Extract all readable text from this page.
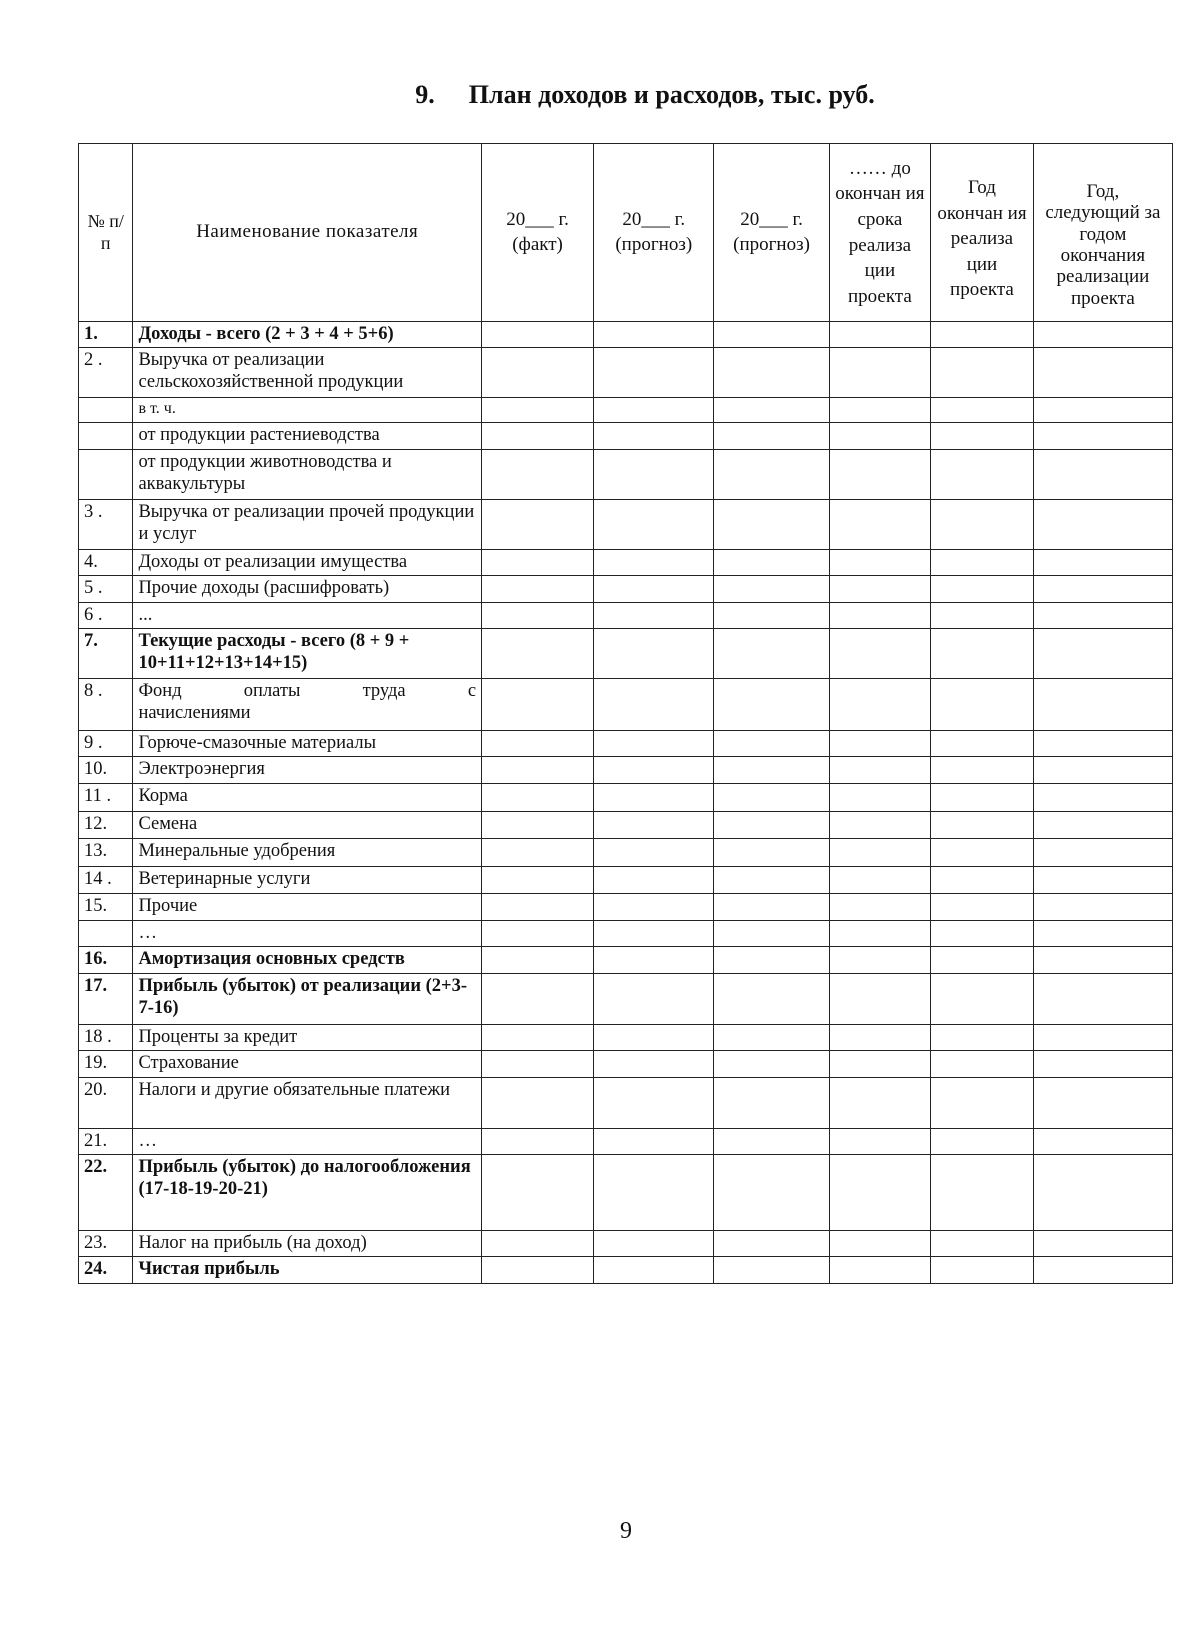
9. План доходов и расходов, тыс. руб.
№ п/п	Наименование показателя	20___ г. (факт)	20___ г. (прогноз)	20___ г. (прогноз)	…… до окончан ия срока реализа ции проекта	Год окончан ия реализа ции проекта	Год, следующий за годом окончания реализации проекта
1.	Доходы - всего (2 + 3 + 4 + 5+6)						
2 .	Выручка от реализации сельскохозяйственной продукции						
	в т. ч.						
	от продукции растениеводства						
	от продукции животноводства и аквакультуры						
3 .	Выручка от реализации прочей продукции и услуг						
4.	Доходы от реализации имущества						
5 .	Прочие доходы (расшифровать)						
6 .	...						
7.	Текущие расходы - всего (8 + 9 + 10+11+12+13+14+15)						
8 .	Фонд оплаты труда с
начислениями						
9 .	Горюче-смазочные материалы						
10.	Электроэнергия						
11 .	Корма						
12.	Семена						
13.	Минеральные удобрения						
14 .	Ветеринарные услуги						
15.	Прочие						
	…						
16.	Амортизация основных средств						
17.	Прибыль (убыток) от реализации (2+3-7-16)						
18 .	Проценты за кредит						
19.	Страхование						
20.	Налоги и другие обязательные платежи						
21.	…						
22.	Прибыль (убыток) до налогообложения (17-18-19-20-21)						
23.	Налог на прибыль (на доход)						
24.	Чистая прибыль						
9
